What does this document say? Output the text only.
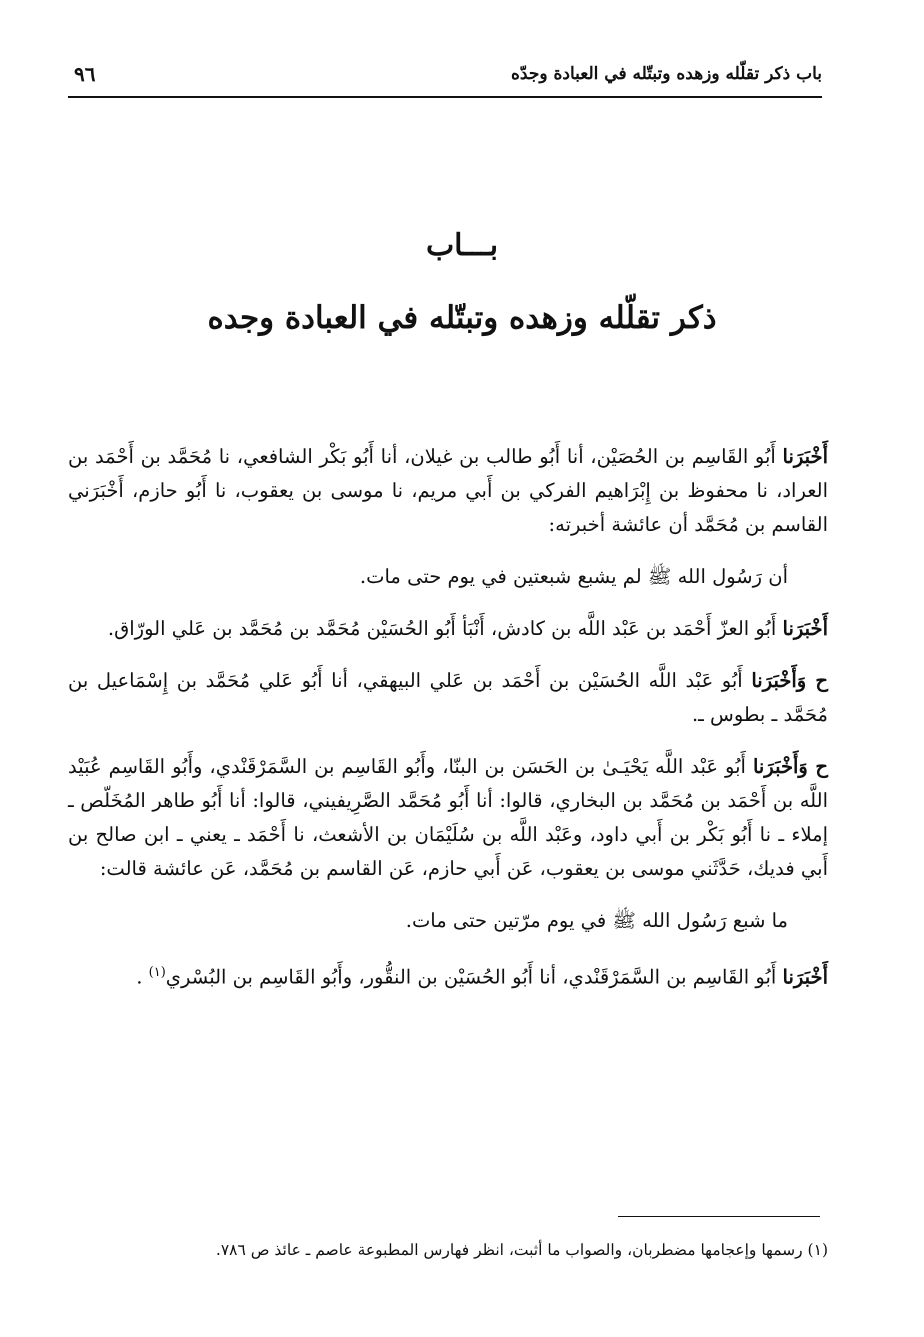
باب ذكر تقلّله وزهده وتبتّله في العبادة وجدّه
٩٦
بـــاب
ذكر تقلّله وزهده وتبتّله في العبادة وجده

أَخْبَرَنا أَبُو القَاسِم بن الحُصَيْن، أنا أَبُو طالب بن غيلان، أنا أَبُو بَكْر الشافعي، نا مُحَمَّد بن أَحْمَد بن العراد، نا محفوظ بن إِبْرَاهيم الفركي بن أَبي مريم، نا موسى بن يعقوب، نا أَبُو حازم، أَخْبَرَني القاسم بن مُحَمَّد أن عائشة أخبرته:

أن رَسُول الله ﷺ لم يشبع شبعتين في يوم حتى مات.

أَخْبَرَنا أَبُو العزّ أَحْمَد بن عَبْد اللَّه بن كادش، أَنْبَأ أَبُو الحُسَيْن مُحَمَّد بن مُحَمَّد بن عَلي الورّاق.

ح وَأَخْبَرَنا أَبُو عَبْد اللَّه الحُسَيْن بن أَحْمَد بن عَلي البيهقي، أنا أَبُو عَلي مُحَمَّد بن إِسْمَاعيل بن مُحَمَّد ـ بطوس ـ.

ح وَأَخْبَرَنا أَبُو عَبْد اللَّه يَحْيَـىٰ بن الحَسَن بن البنّا، وأَبُو القَاسِم بن السَّمَرْقَنْدي، وأَبُو القَاسِم عُبَيْد اللَّه بن أَحْمَد بن مُحَمَّد بن البخاري، قالوا: أنا أَبُو مُحَمَّد الصَّرِيفيني، قالوا: أنا أَبُو طاهر المُخَلّص ـ إملاء ـ نا أَبُو بَكْر بن أَبي داود، وعَبْد اللَّه بن سُلَيْمَان بن الأشعث، نا أَحْمَد ـ يعني ـ ابن صالح بن أَبي فديك، حَدَّثَني موسى بن يعقوب، عَن أَبي حازم، عَن القاسم بن مُحَمَّد، عَن عائشة قالت:

ما شبع رَسُول الله ﷺ في يوم مرّتين حتى مات.

أَخْبَرَنا أَبُو القَاسِم بن السَّمَرْقَنْدي، أنا أَبُو الحُسَيْن بن النقُّور، وأَبُو القَاسِم بن البُسْري$^{(١)}$ .

(١) رسمها وإعجامها مضطربان، والصواب ما أثبت، انظر فهارس المطبوعة عاصم ـ عائذ ص ٧٨٦.
